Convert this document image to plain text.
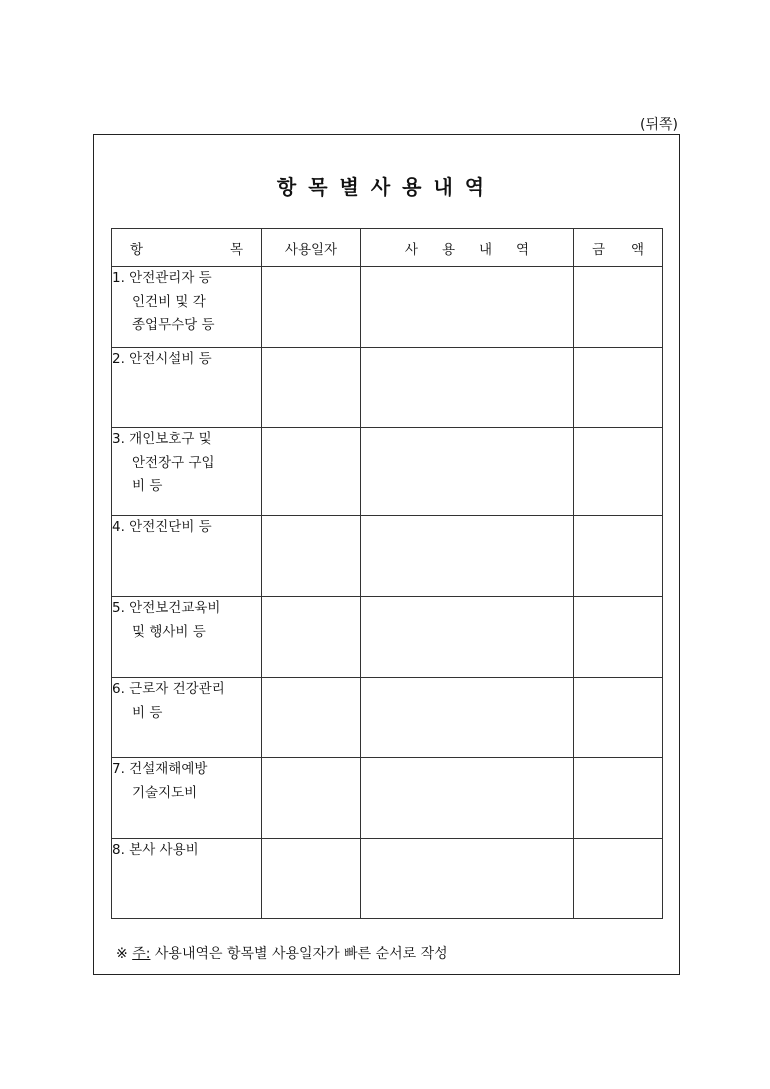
(뒤쪽)
항목별사용내역
항 목	사용일자	사 용 내 역	금 액

1. 안전관리자 등
인건비 및 각
종업무수당 등			

2. 안전시설비 등			

3. 개인보호구 및
안전장구 구입
비 등			

4. 안전진단비 등			

5. 안전보건교육비
및 행사비 등			

6. 근로자 건강관리
비 등			

7. 건설재해예방
기술지도비			

8. 본사 사용비			

※ 주: 사용내역은 항목별 사용일자가 빠른 순서로 작성
